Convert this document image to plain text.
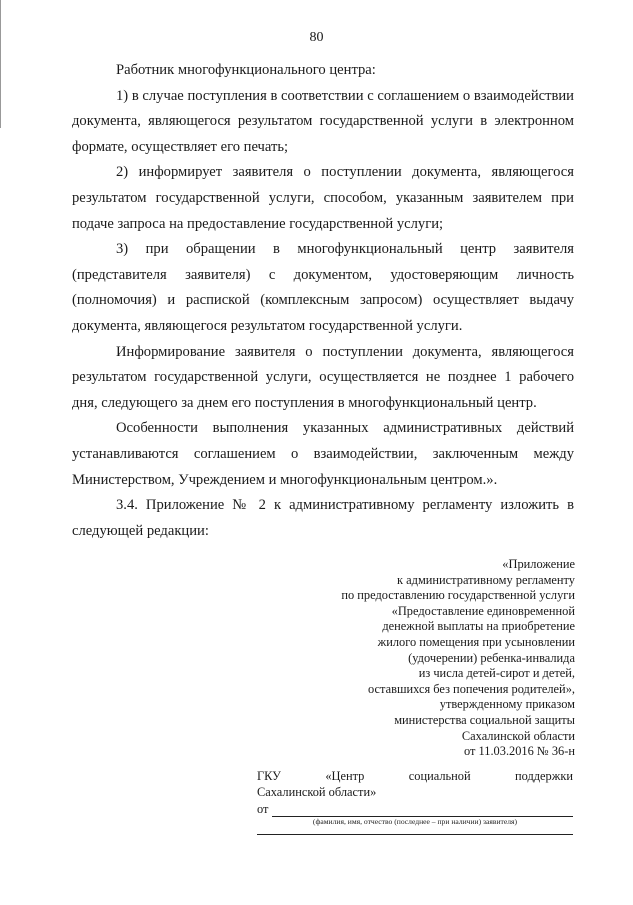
80

Работник многофункционального центра:

1) в случае поступления в соответствии с соглашением о взаимодействии документа, являющегося результатом государственной услуги в электронном формате, осуществляет его печать;

2) информирует заявителя о поступлении документа, являющегося результатом государственной услуги, способом, указанным заявителем при подаче запроса на предоставление государственной услуги;

3) при обращении в многофункциональный центр заявителя (представителя заявителя) с документом, удостоверяющим личность (полномочия) и распиской (комплексным запросом) осуществляет выдачу документа, являющегося результатом государственной услуги.

Информирование заявителя о поступлении документа, являющегося результатом государственной услуги, осуществляется не позднее 1 рабочего дня, следующего за днем его поступления в многофункциональный центр.

Особенности выполнения указанных административных действий устанавливаются соглашением о взаимодействии, заключенным между Министерством, Учреждением и многофункциональным центром.».

3.4. Приложение № 2 к административному регламенту изложить в следующей редакции:

«Приложение
к административному регламенту
по предоставлению государственной услуги
«Предоставление единовременной
денежной выплаты на приобретение
жилого помещения при усыновлении
(удочерении) ребенка-инвалида
из числа детей-сирот и детей,
оставшихся без попечения родителей»,
утвержденному приказом
министерства социальной защиты
Сахалинской области
от 11.03.2016 № 36-н
ГКУ	«Центр	социальной	поддержки
Сахалинской области»
от
(фамилия, имя, отчество (последнее – при наличии) заявителя)
